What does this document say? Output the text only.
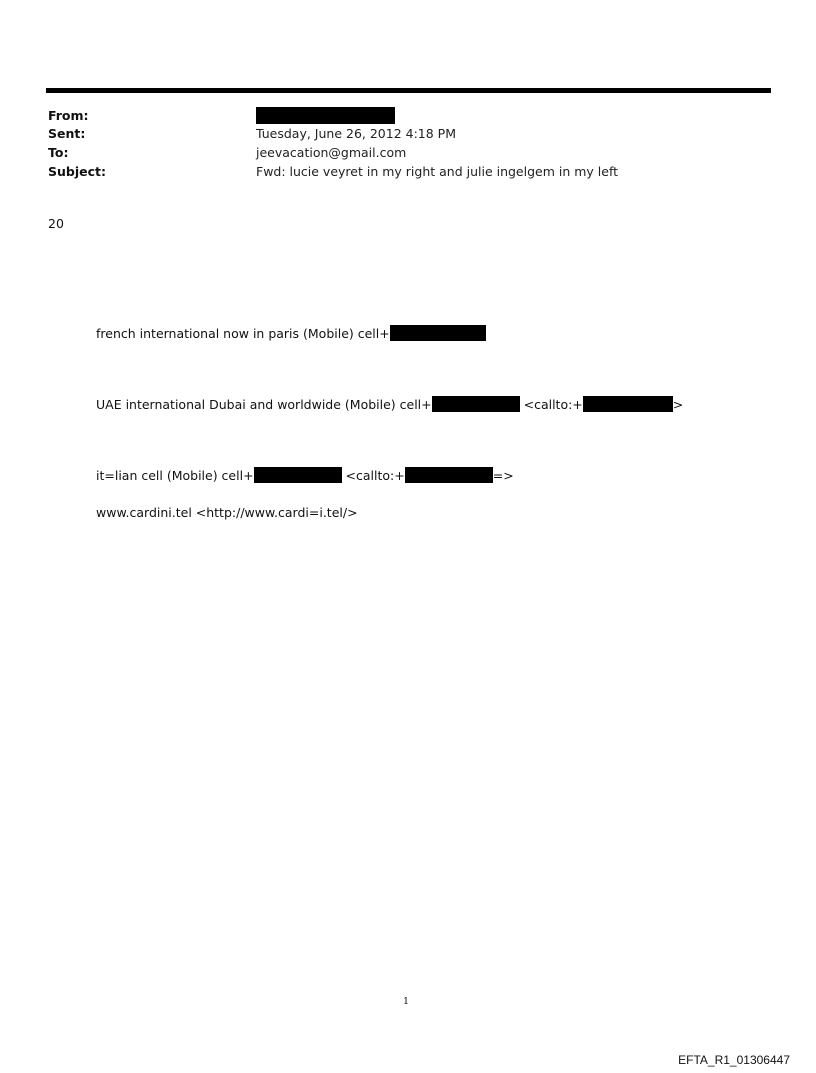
From:
Sent:	Tuesday, June 26, 2012 4:18 PM
To:	jeevacation@gmail.com
Subject:	Fwd: lucie veyret in my right and julie ingelgem in my left
20
french international now in paris (Mobile) cell+
UAE international Dubai and worldwide (Mobile) cell+	<callto:+	>
it=lian cell (Mobile) cell+	<callto:+	=>
www.cardini.tel <http://www.cardi=i.tel/>
1
EFTA_R1_01306447
